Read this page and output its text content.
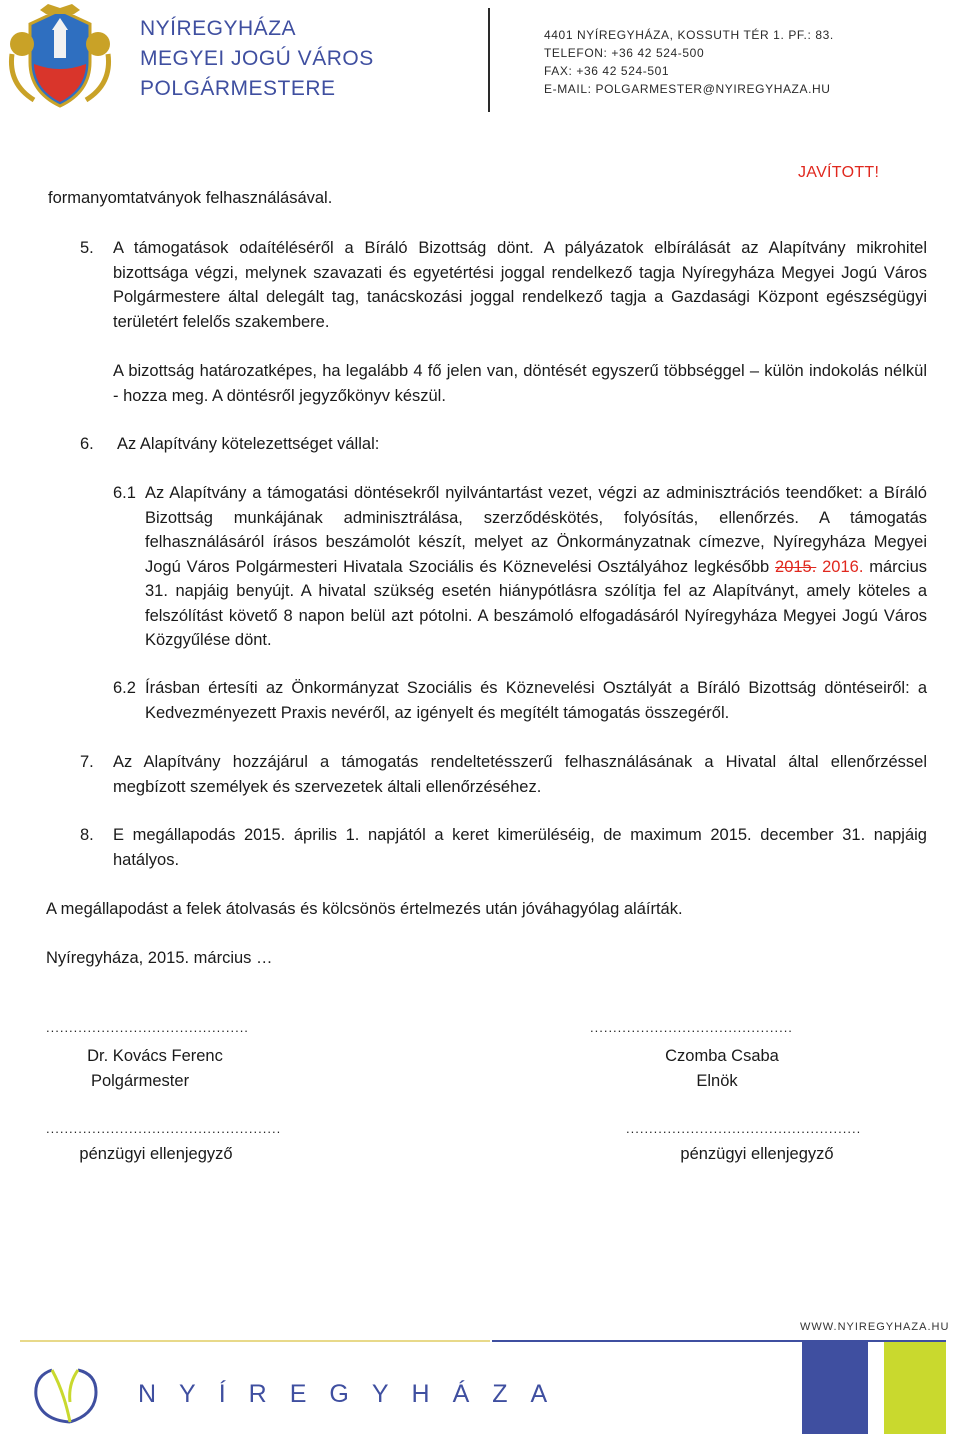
NYÍREGYHÁZA
MEGYEI JOGÚ VÁROS
POLGÁRMESTERE
4401 NYÍREGYHÁZA, KOSSUTH TÉR 1. PF.: 83.
TELEFON: +36 42 524-500
FAX: +36 42 524-501
E-MAIL: POLGARMESTER@NYIREGYHAZA.HU
JAVÍTOTT!
formanyomtatványok felhasználásával.
5. A támogatások odaítéléséről a Bíráló Bizottság dönt. A pályázatok elbírálását az Alapítvány mikrohitel bizottsága végzi, melynek szavazati és egyetértési joggal rendelkező tagja Nyíregyháza Megyei Jogú Város Polgármestere által delegált tag, tanácskozási joggal rendelkező tagja a Gazdasági Központ egészségügyi területért felelős szakembere.
A bizottság határozatképes, ha legalább 4 fő jelen van, döntését egyszerű többséggel – külön indokolás nélkül - hozza meg. A döntésről jegyzőkönyv készül.
6. Az Alapítvány kötelezettséget vállal:
6.1 Az Alapítvány a támogatási döntésekről nyilvántartást vezet, végzi az adminisztrációs teendőket: a Bíráló Bizottság munkájának adminisztrálása, szerződéskötés, folyósítás, ellenőrzés. A támogatás felhasználásáról írásos beszámolót készít, melyet az Önkormányzatnak címezve, Nyíregyháza Megyei Jogú Város Polgármesteri Hivatala Szociális és Köznevelési Osztályához legkésőbb 2015. 2016. március 31. napjáig benyújt. A hivatal szükség esetén hiánypótlásra szólítja fel az Alapítványt, amely köteles a felszólítást követő 8 napon belül azt pótolni. A beszámoló elfogadásáról Nyíregyháza Megyei Jogú Város Közgyűlése dönt.
6.2 Írásban értesíti az Önkormányzat Szociális és Köznevelési Osztályát a Bíráló Bizottság döntéseiről: a Kedvezményezett Praxis nevéről, az igényelt és megítélt támogatás összegéről.
7. Az Alapítvány hozzájárul a támogatás rendeltetésszerű felhasználásának a Hivatal által ellenőrzéssel megbízott személyek és szervezetek általi ellenőrzéséhez.
8. E megállapodás 2015. április 1. napjától a keret kimerüléséig, de maximum 2015. december 31. napjáig hatályos.
A megállapodást a felek átolvasás és kölcsönös értelmezés után jóváhagyólag aláírták.
Nyíregyháza, 2015. március …
............................................	............................................
Dr. Kovács Ferenc
Polgármester
Czomba Csaba
Elnök
...................................................	...................................................
pénzügyi ellenjegyző	pénzügyi ellenjegyző
WWW.NYIREGYHAZA.HU
NYÍREGYHÁZA
